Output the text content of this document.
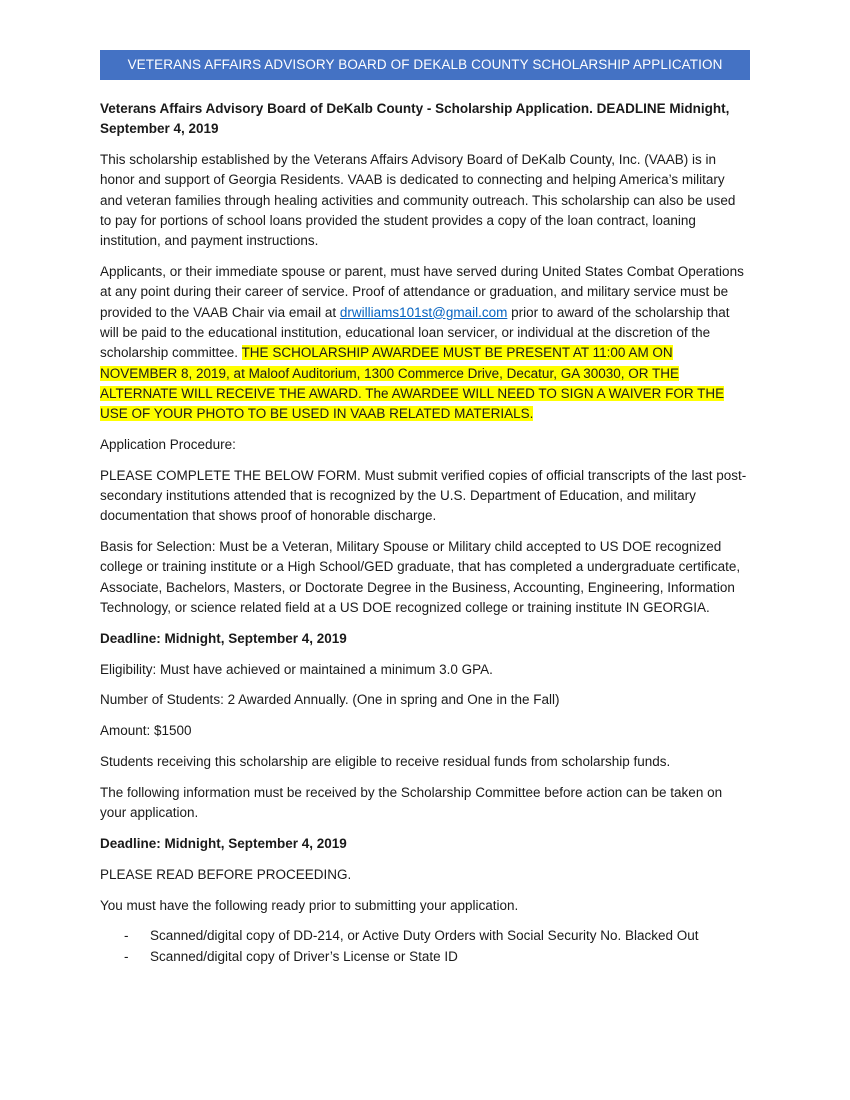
VETERANS AFFAIRS ADVISORY BOARD OF DEKALB COUNTY SCHOLARSHIP APPLICATION

Veterans Affairs Advisory Board of DeKalb County - Scholarship Application. DEADLINE Midnight, September 4, 2019

This scholarship established by the Veterans Affairs Advisory Board of DeKalb County, Inc. (VAAB) is in honor and support of Georgia Residents. VAAB is dedicated to connecting and helping America’s military and veteran families through healing activities and community outreach. This scholarship can also be used to pay for portions of school loans provided the student provides a copy of the loan contract, loaning institution, and payment instructions.

Applicants, or their immediate spouse or parent, must have served during United States Combat Operations at any point during their career of service. Proof of attendance or graduation, and military service must be provided to the VAAB Chair via email at drwilliams101st@gmail.com prior to award of the scholarship that will be paid to the educational institution, educational loan servicer, or individual at the discretion of the scholarship committee. THE SCHOLARSHIP AWARDEE MUST BE PRESENT AT 11:00 AM ON NOVEMBER 8, 2019, at Maloof Auditorium, 1300 Commerce Drive, Decatur, GA 30030, OR THE ALTERNATE WILL RECEIVE THE AWARD. The AWARDEE WILL NEED TO SIGN A WAIVER FOR THE USE OF YOUR PHOTO TO BE USED IN VAAB RELATED MATERIALS.

Application Procedure:

PLEASE COMPLETE THE BELOW FORM. Must submit verified copies of official transcripts of the last post-secondary institutions attended that is recognized by the U.S. Department of Education, and military documentation that shows proof of honorable discharge.

Basis for Selection: Must be a Veteran, Military Spouse or Military child accepted to US DOE recognized college or training institute or a High School/GED graduate, that has completed a undergraduate certificate, Associate, Bachelors, Masters, or Doctorate Degree in the Business, Accounting, Engineering, Information Technology, or science related field at a US DOE recognized college or training institute IN GEORGIA.

Deadline: Midnight, September 4, 2019

Eligibility: Must have achieved or maintained a minimum 3.0 GPA.

Number of Students: 2 Awarded Annually. (One in spring and One in the Fall)

Amount: $1500

Students receiving this scholarship are eligible to receive residual funds from scholarship funds.

The following information must be received by the Scholarship Committee before action can be taken on your application.

Deadline: Midnight, September 4, 2019

PLEASE READ BEFORE PROCEEDING.

You must have the following ready prior to submitting your application.

- Scanned/digital copy of DD-214, or Active Duty Orders with Social Security No. Blacked Out
- Scanned/digital copy of Driver’s License or State ID
